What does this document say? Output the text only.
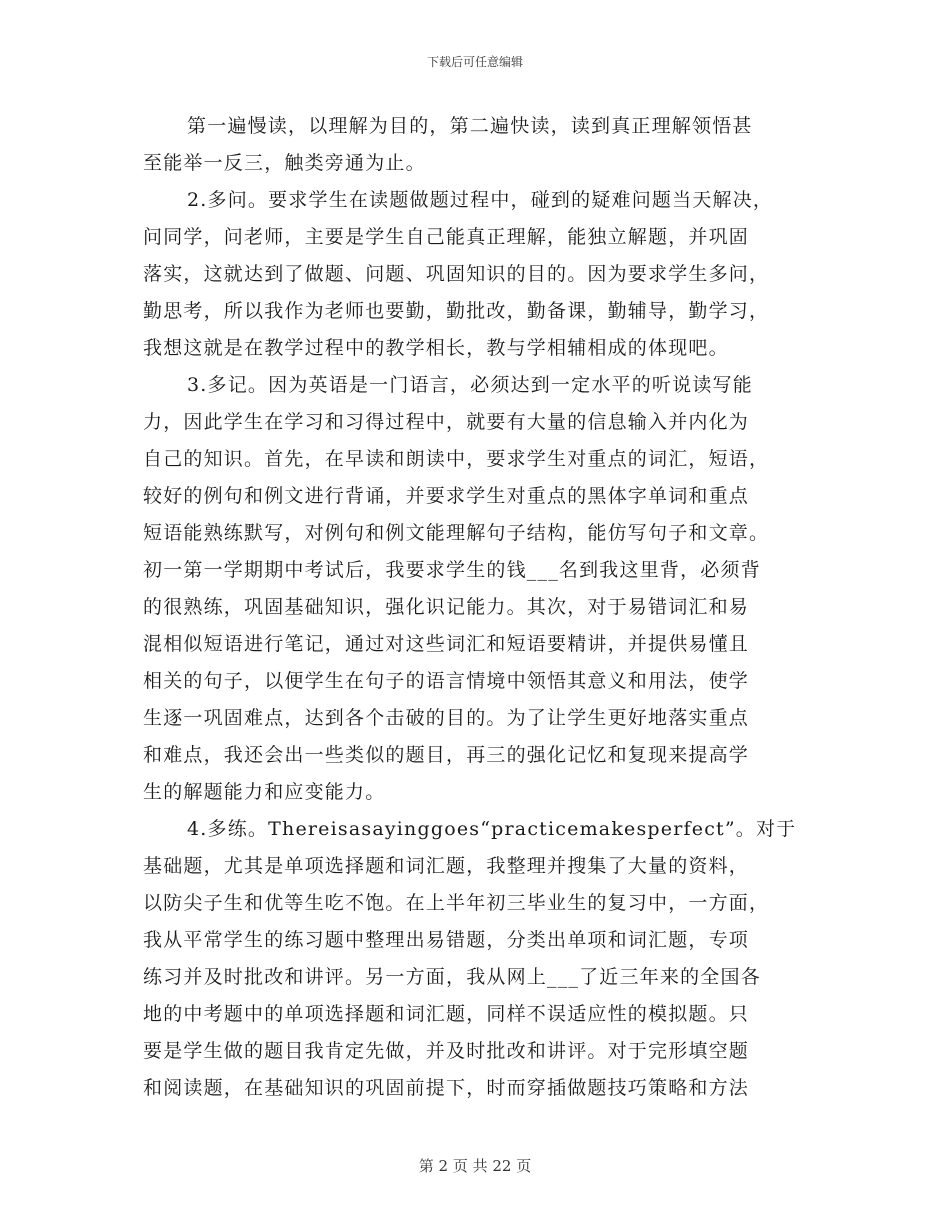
下载后可任意编辑
第一遍慢读，以理解为目的，第二遍快读，读到真正理解领悟甚
至能举一反三，触类旁通为止。
2.多问。要求学生在读题做题过程中，碰到的疑难问题当天解决，
问同学，问老师，主要是学生自己能真正理解，能独立解题，并巩固
落实，这就达到了做题、问题、巩固知识的目的。因为要求学生多问，
勤思考，所以我作为老师也要勤，勤批改，勤备课，勤辅导，勤学习，
我想这就是在教学过程中的教学相长，教与学相辅相成的体现吧。
3.多记。因为英语是一门语言，必须达到一定水平的听说读写能
力，因此学生在学习和习得过程中，就要有大量的信息输入并内化为
自己的知识。首先，在早读和朗读中，要求学生对重点的词汇，短语，
较好的例句和例文进行背诵，并要求学生对重点的黑体字单词和重点
短语能熟练默写，对例句和例文能理解句子结构，能仿写句子和文章。
初一第一学期期中考试后，我要求学生的钱___名到我这里背，必须背
的很熟练，巩固基础知识，强化识记能力。其次，对于易错词汇和易
混相似短语进行笔记，通过对这些词汇和短语要精讲，并提供易懂且
相关的句子，以便学生在句子的语言情境中领悟其意义和用法，使学
生逐一巩固难点，达到各个击破的目的。为了让学生更好地落实重点
和难点，我还会出一些类似的题目，再三的强化记忆和复现来提高学
生的解题能力和应变能力。
4.多练。Thereisasayinggoes“practicemakesperfect”。对于
基础题，尤其是单项选择题和词汇题，我整理并搜集了大量的资料，
以防尖子生和优等生吃不饱。在上半年初三毕业生的复习中，一方面，
我从平常学生的练习题中整理出易错题，分类出单项和词汇题，专项
练习并及时批改和讲评。另一方面，我从网上___了近三年来的全国各
地的中考题中的单项选择题和词汇题，同样不误适应性的模拟题。只
要是学生做的题目我肯定先做，并及时批改和讲评。对于完形填空题
和阅读题，在基础知识的巩固前提下，时而穿插做题技巧策略和方法
第 2 页 共 22 页
